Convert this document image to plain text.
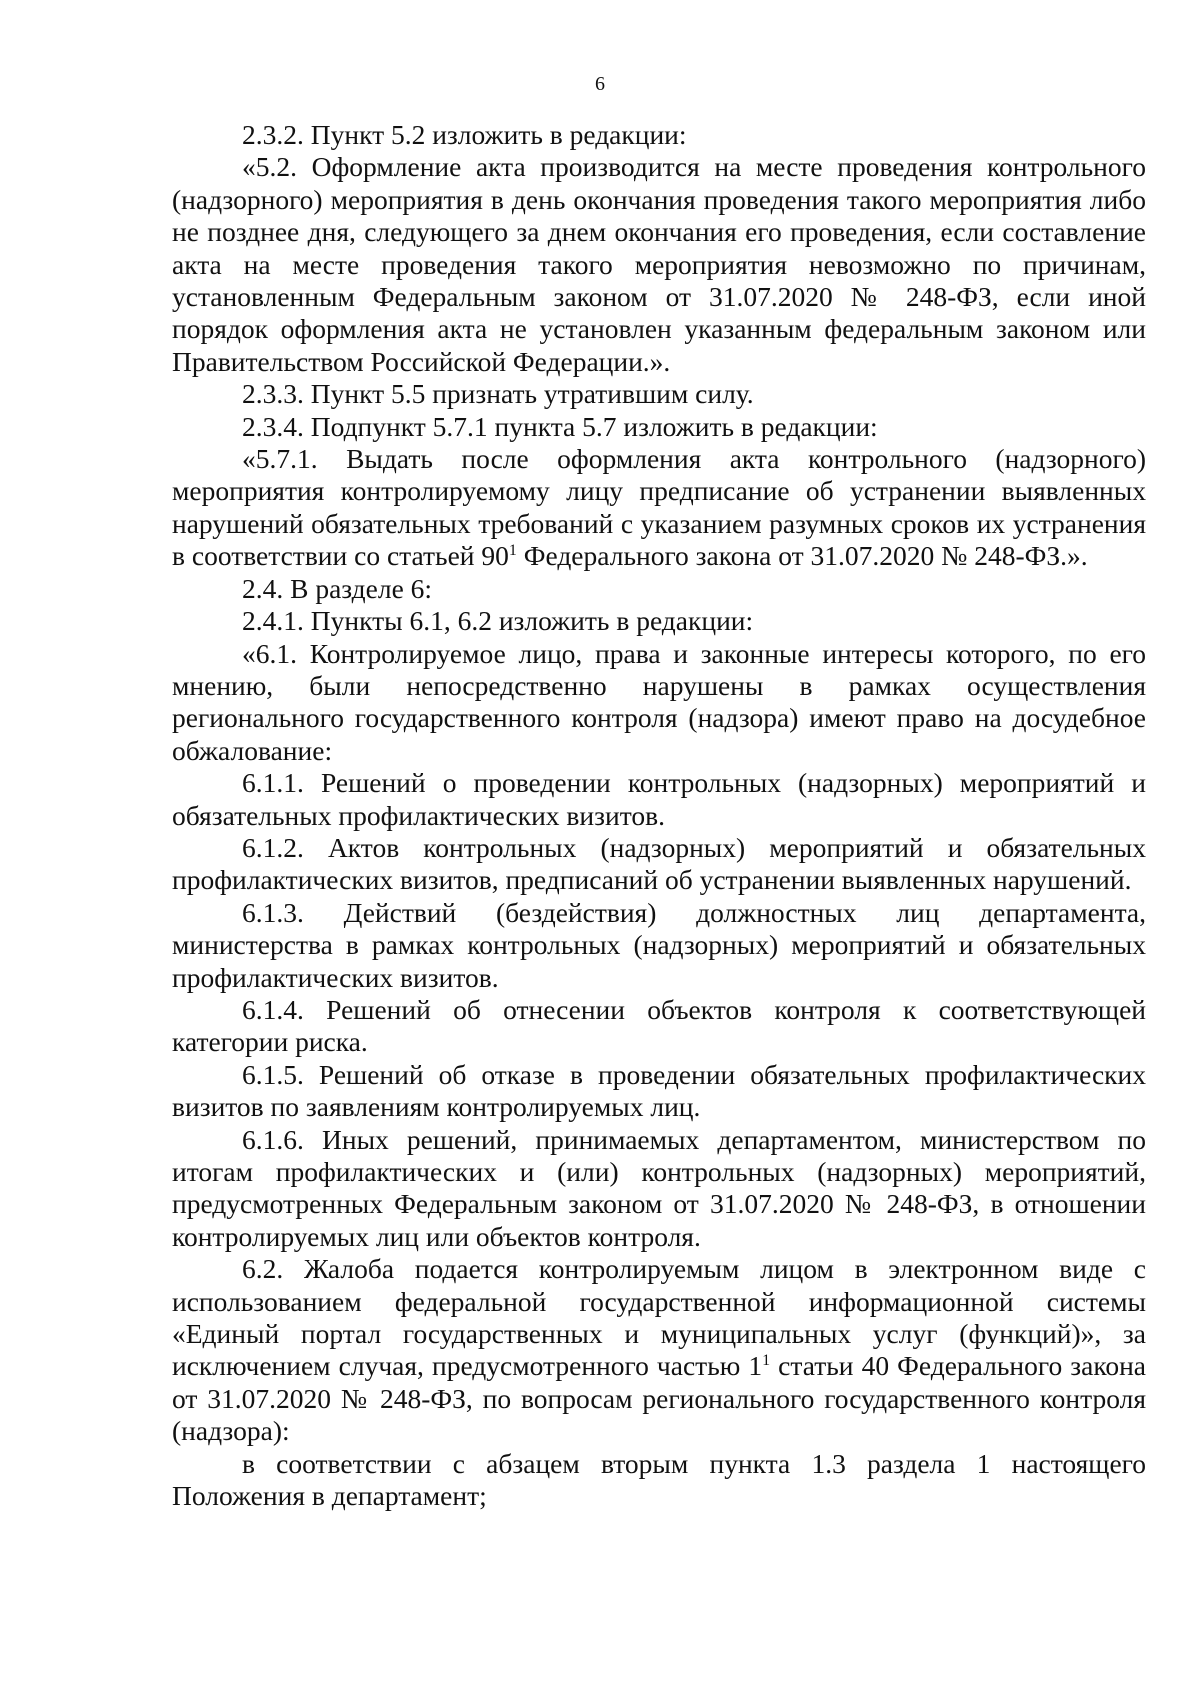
6

2.3.2. Пункт 5.2 изложить в редакции:

«5.2. Оформление акта производится на месте проведения контрольного (надзорного) мероприятия в день окончания проведения такого мероприятия либо не позднее дня, следующего за днем окончания его проведения, если составление акта на месте проведения такого мероприятия невозможно по причинам, установленным Федеральным законом от 31.07.2020 № 248-ФЗ, если иной порядок оформления акта не установлен указанным федеральным законом или Правительством Российской Федерации.».

2.3.3. Пункт 5.5 признать утратившим силу.

2.3.4. Подпункт 5.7.1 пункта 5.7 изложить в редакции:

«5.7.1. Выдать после оформления акта контрольного (надзорного) мероприятия контролируемому лицу предписание об устранении выявленных нарушений обязательных требований с указанием разумных сроков их устранения в соответствии со статьей $90^1$ Федерального закона от 31.07.2020 № 248-ФЗ.».

2.4. В разделе 6:

2.4.1. Пункты 6.1, 6.2 изложить в редакции:

«6.1. Контролируемое лицо, права и законные интересы которого, по его мнению, были непосредственно нарушены в рамках осуществления регионального государственного контроля (надзора) имеют право на досудебное обжалование:

6.1.1. Решений о проведении контрольных (надзорных) мероприятий и обязательных профилактических визитов.

6.1.2. Актов контрольных (надзорных) мероприятий и обязательных профилактических визитов, предписаний об устранении выявленных нарушений.

6.1.3. Действий (бездействия) должностных лиц департамента, министерства в рамках контрольных (надзорных) мероприятий и обязательных профилактических визитов.

6.1.4. Решений об отнесении объектов контроля к соответствующей категории риска.

6.1.5. Решений об отказе в проведении обязательных профилактических визитов по заявлениям контролируемых лиц.

6.1.6. Иных решений, принимаемых департаментом, министерством по итогам профилактических и (или) контрольных (надзорных) мероприятий, предусмотренных Федеральным законом от 31.07.2020 № 248-ФЗ, в отношении контролируемых лиц или объектов контроля.

6.2. Жалоба подается контролируемым лицом в электронном виде с использованием федеральной государственной информационной системы «Единый портал государственных и муниципальных услуг (функций)», за исключением случая, предусмотренного частью $1^1$ статьи 40 Федерального закона от 31.07.2020 № 248-ФЗ, по вопросам регионального государственного контроля (надзора):

в соответствии с абзацем вторым пункта 1.3 раздела 1 настоящего Положения в департамент;
